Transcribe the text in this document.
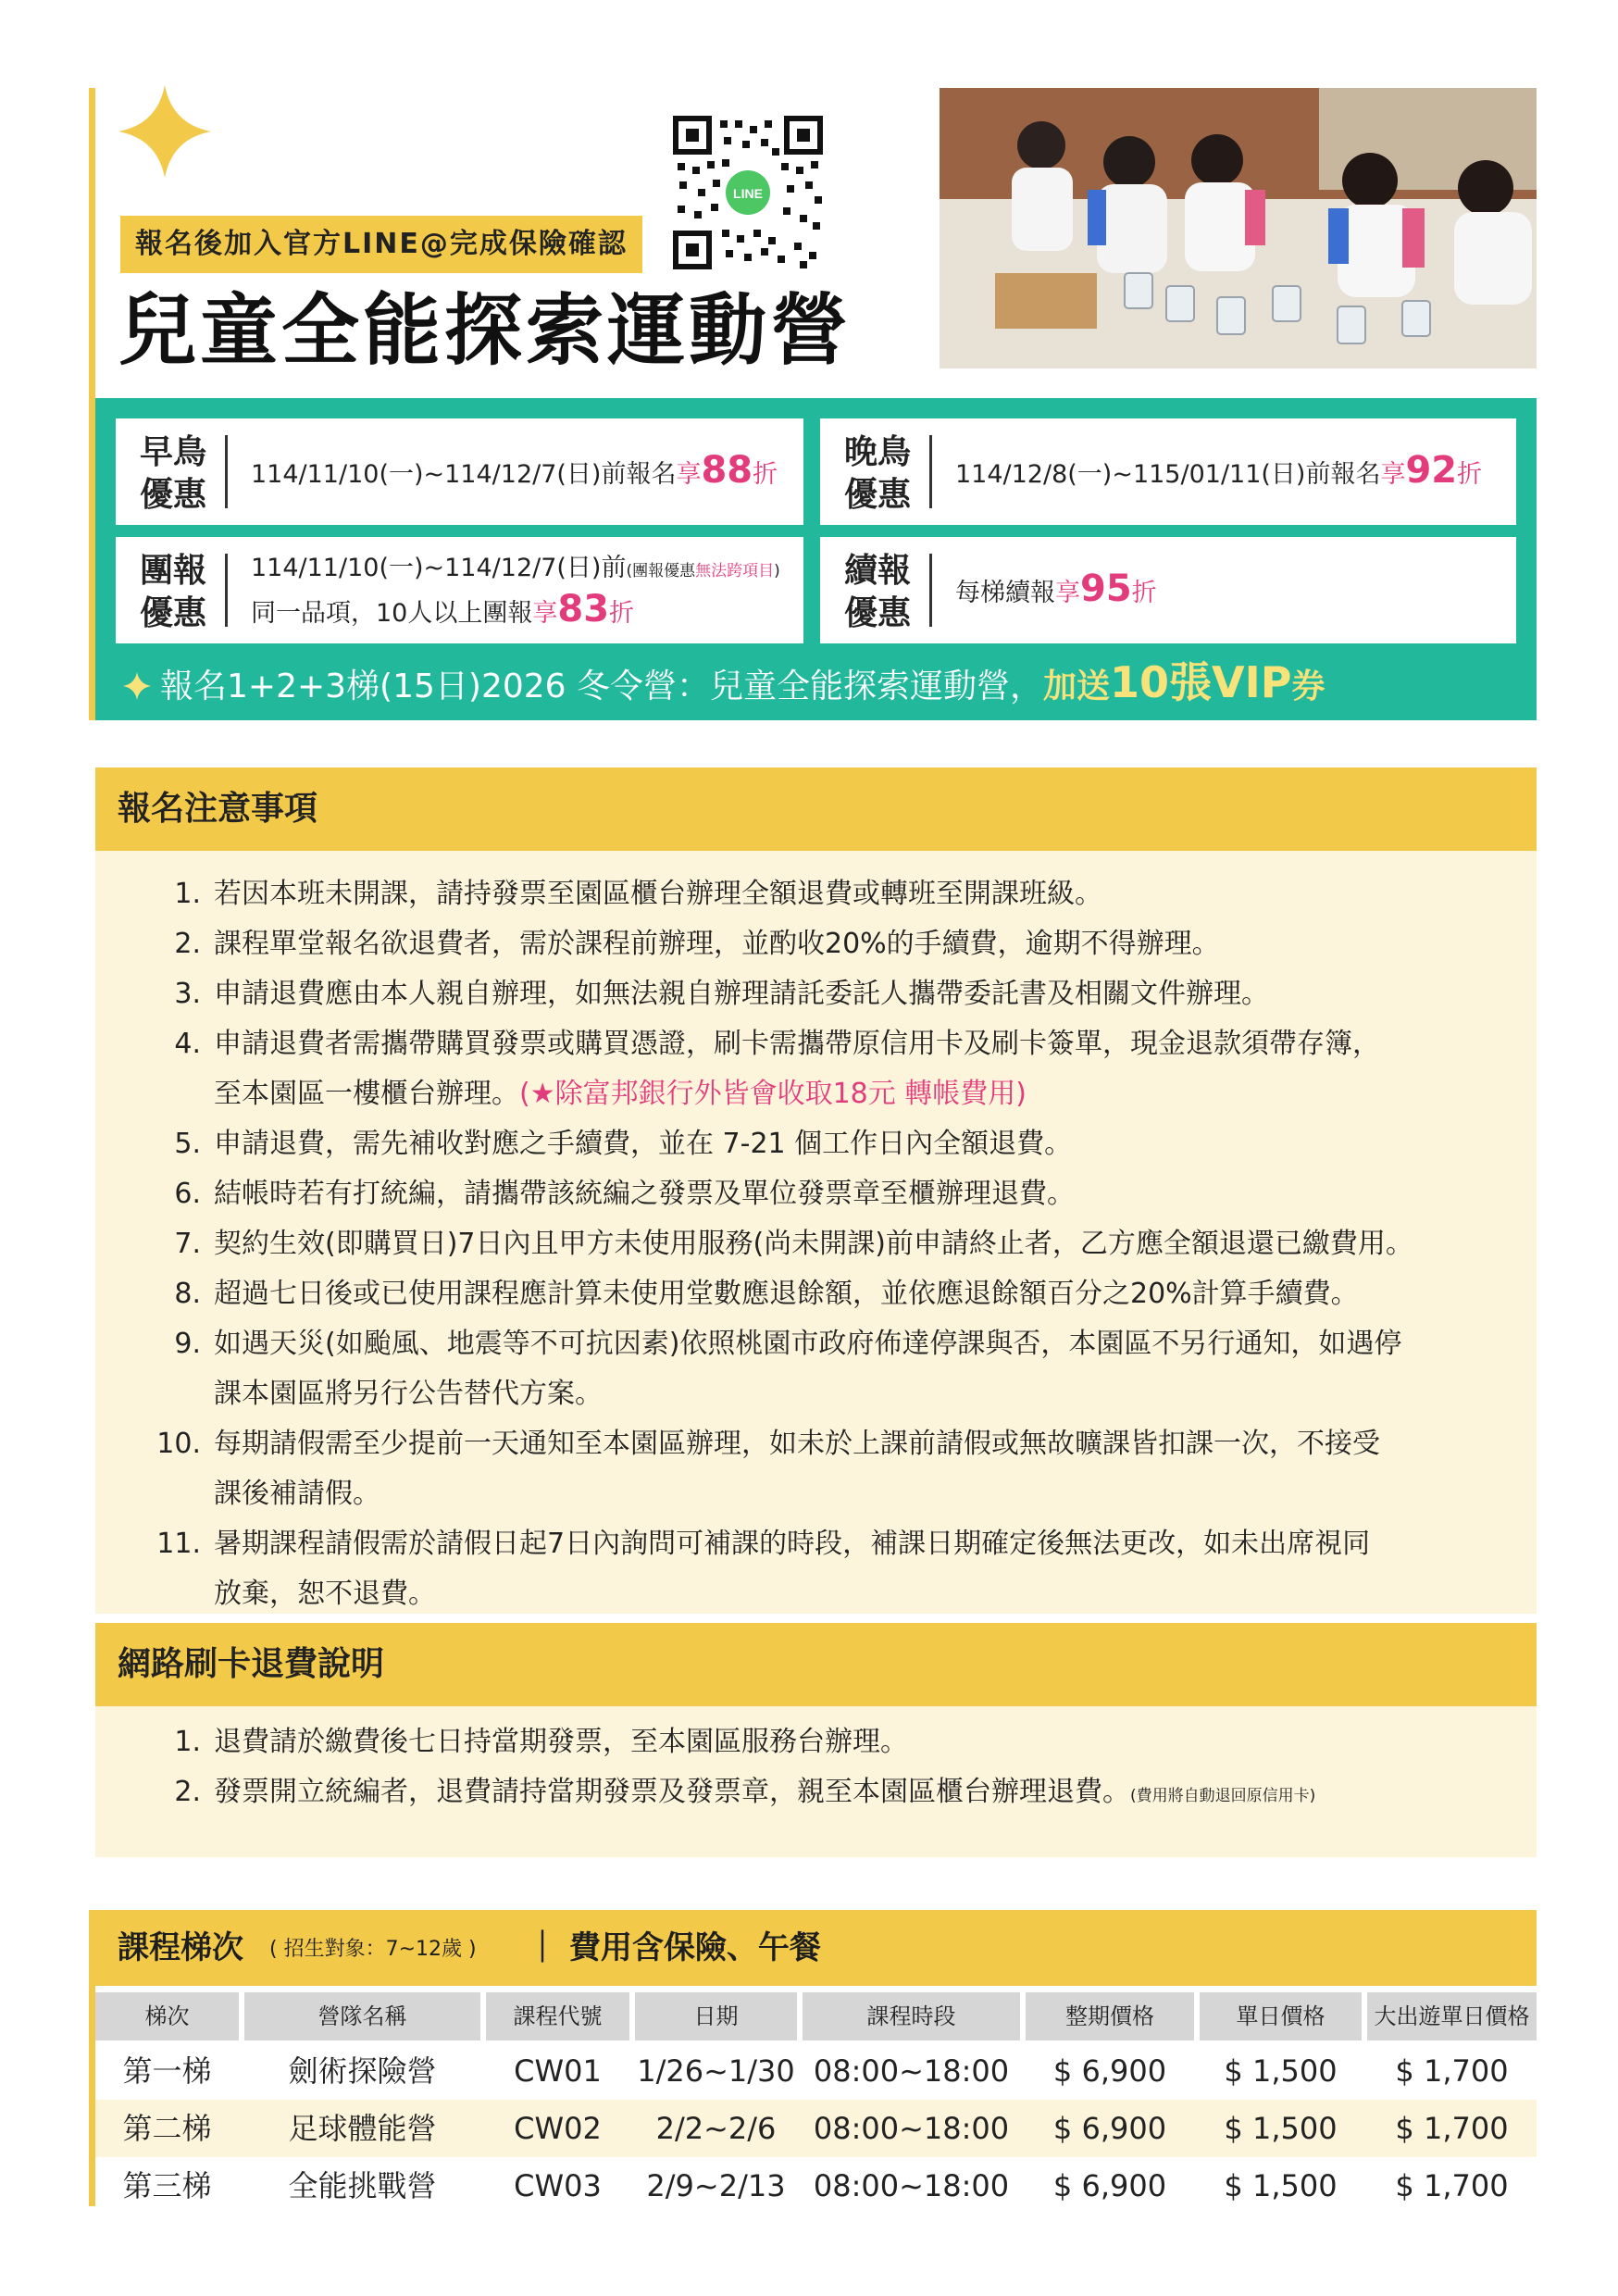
報名後加入官方LINE@完成保險確認
兒童全能探索運動營
LINE
早鳥
優惠
114/11/10(一)~114/12/7(日)前報名享88折
晚鳥
優惠
114/12/8(一)~115/01/11(日)前報名享92折
團報
優惠
114/11/10(一)~114/12/7(日)前(團報優惠無法跨項目)
同一品項，10人以上團報享83折
續報
優惠
每梯續報享95折
報名1+2+3梯(15日)2026 冬令營：兒童全能探索運動營，加送10張VIP券
報名注意事項
1. 若因本班未開課，請持發票至園區櫃台辦理全額退費或轉班至開課班級。
2. 課程單堂報名欲退費者，需於課程前辦理，並酌收20%的手續費，逾期不得辦理。
3. 申請退費應由本人親自辦理，如無法親自辦理請託委託人攜帶委託書及相關文件辦理。
4. 申請退費者需攜帶購買發票或購買憑證，刷卡需攜帶原信用卡及刷卡簽單，現金退款須帶存簿，
至本園區一樓櫃台辦理。(★除富邦銀行外皆會收取18元 轉帳費用)
5. 申請退費，需先補收對應之手續費，並在 7-21 個工作日內全額退費。
6. 結帳時若有打統編，請攜帶該統編之發票及單位發票章至櫃辦理退費。
7. 契約生效(即購買日)7日內且甲方未使用服務(尚未開課)前申請終止者，乙方應全額退還已繳費用。
8. 超過七日後或已使用課程應計算未使用堂數應退餘額，並依應退餘額百分之20%計算手續費。
9. 如遇天災(如颱風、地震等不可抗因素)依照桃園市政府佈達停課與否，本園區不另行通知，如遇停
課本園區將另行公告替代方案。
10. 每期請假需至少提前一天通知至本園區辦理，如未於上課前請假或無故曠課皆扣課一次，不接受
課後補請假。
11. 暑期課程請假需於請假日起7日內詢問可補課的時段，補課日期確定後無法更改，如未出席視同
放棄，恕不退費。
網路刷卡退費說明
1. 退費請於繳費後七日持當期發票，至本園區服務台辦理。
2. 發票開立統編者，退費請持當期發票及發票章，親至本園區櫃台辦理退費。(費用將自動退回原信用卡)
課程梯次 ( 招生對象：7~12歲 ) ｜ 費用含保險、午餐
梯次	營隊名稱	課程代號	日期	課程時段	整期價格	單日價格	大出遊單日價格
第一梯	劍術探險營	CW01	1/26~1/30 08:00~18:00	$ 6,900	$ 1,500	$ 1,700
第二梯	足球體能營	CW02	2/2~2/6	08:00~18:00	$ 6,900	$ 1,500	$ 1,700
第三梯	全能挑戰營	CW03	2/9~2/13 08:00~18:00	$ 6,900	$ 1,500	$ 1,700
